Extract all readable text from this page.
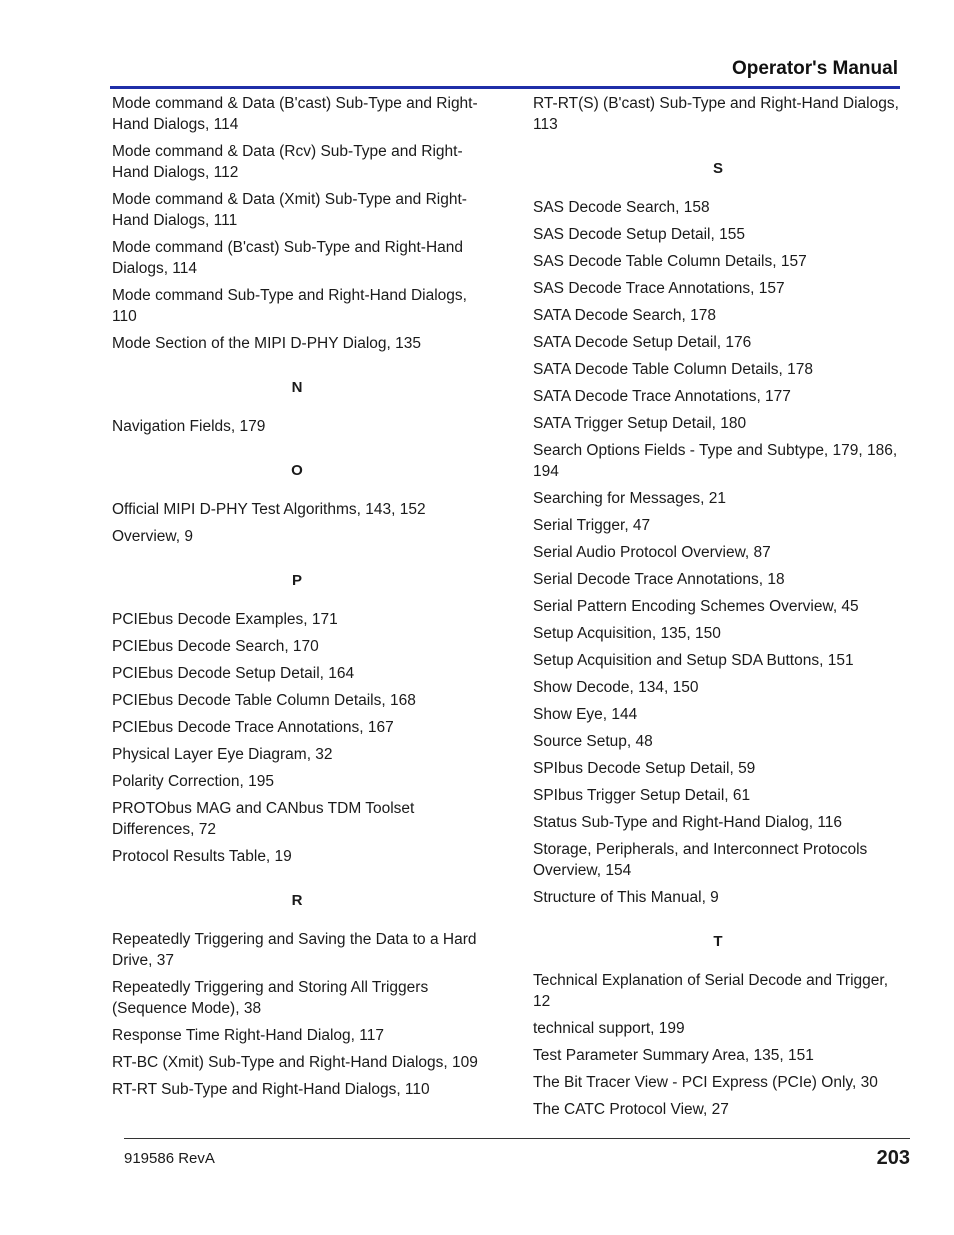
Operator's Manual
Mode command & Data (B'cast) Sub-Type and Right-Hand Dialogs, 114
Mode command & Data (Rcv) Sub-Type and Right-Hand Dialogs, 112
Mode command & Data (Xmit) Sub-Type and Right-Hand Dialogs, 111
Mode command (B'cast) Sub-Type and Right-Hand Dialogs, 114
Mode command Sub-Type and Right-Hand Dialogs, 110
Mode Section of the MIPI D-PHY Dialog, 135
N
Navigation Fields, 179
O
Official MIPI D-PHY Test Algorithms, 143, 152
Overview, 9
P
PCIEbus Decode Examples, 171
PCIEbus Decode Search, 170
PCIEbus Decode Setup Detail, 164
PCIEbus Decode Table Column Details, 168
PCIEbus Decode Trace Annotations, 167
Physical Layer Eye Diagram, 32
Polarity Correction, 195
PROTObus MAG and CANbus TDM Toolset Differences, 72
Protocol Results Table, 19
R
Repeatedly Triggering and Saving the Data to a Hard Drive, 37
Repeatedly Triggering and Storing All Triggers (Sequence Mode), 38
Response Time Right-Hand Dialog, 117
RT-BC (Xmit) Sub-Type and Right-Hand Dialogs, 109
RT-RT Sub-Type and Right-Hand Dialogs, 110
RT-RT(S) (B'cast) Sub-Type and Right-Hand Dialogs, 113
S
SAS Decode Search, 158
SAS Decode Setup Detail, 155
SAS Decode Table Column Details, 157
SAS Decode Trace Annotations, 157
SATA Decode Search, 178
SATA Decode Setup Detail, 176
SATA Decode Table Column Details, 178
SATA Decode Trace Annotations, 177
SATA Trigger Setup Detail, 180
Search Options Fields - Type and Subtype, 179, 186, 194
Searching for Messages, 21
Serial Trigger, 47
Serial Audio Protocol Overview, 87
Serial Decode Trace Annotations, 18
Serial Pattern Encoding Schemes Overview, 45
Setup Acquisition, 135, 150
Setup Acquisition and Setup SDA Buttons, 151
Show Decode, 134, 150
Show Eye, 144
Source Setup, 48
SPIbus Decode Setup Detail, 59
SPIbus Trigger Setup Detail, 61
Status Sub-Type and Right-Hand Dialog, 116
Storage, Peripherals, and Interconnect Protocols Overview, 154
Structure of This Manual, 9
T
Technical Explanation of Serial Decode and Trigger, 12
technical support, 199
Test Parameter Summary Area, 135, 151
The Bit Tracer View - PCI Express (PCIe) Only, 30
The CATC Protocol View, 27
919586 RevA	203
